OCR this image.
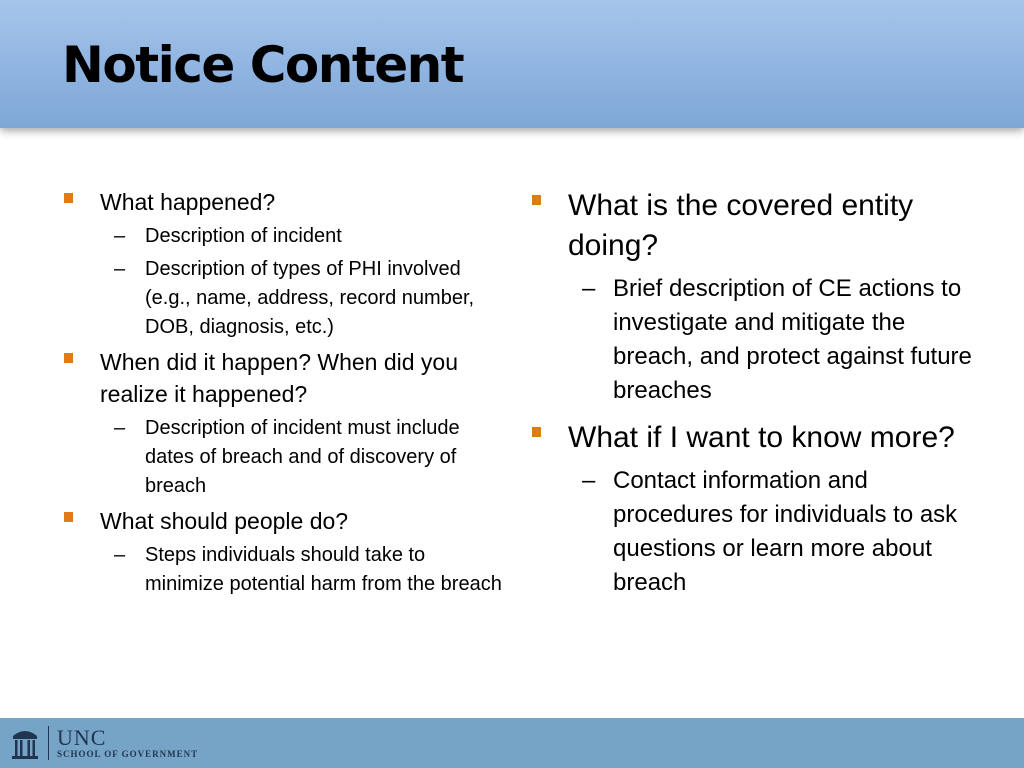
Notice Content
What happened?
– Description of incident
– Description of types of PHI involved (e.g., name, address, record number, DOB, diagnosis, etc.)
When did it happen? When did you realize it happened?
– Description of incident must include dates of breach and of discovery of breach
What should people do?
– Steps individuals should take to minimize potential harm from the breach
What is the covered entity doing?
– Brief description of CE actions to investigate and mitigate the breach, and protect against future breaches
What if I want to know more?
– Contact information and procedures for individuals to ask questions or learn more about breach
UNC
SCHOOL OF GOVERNMENT
